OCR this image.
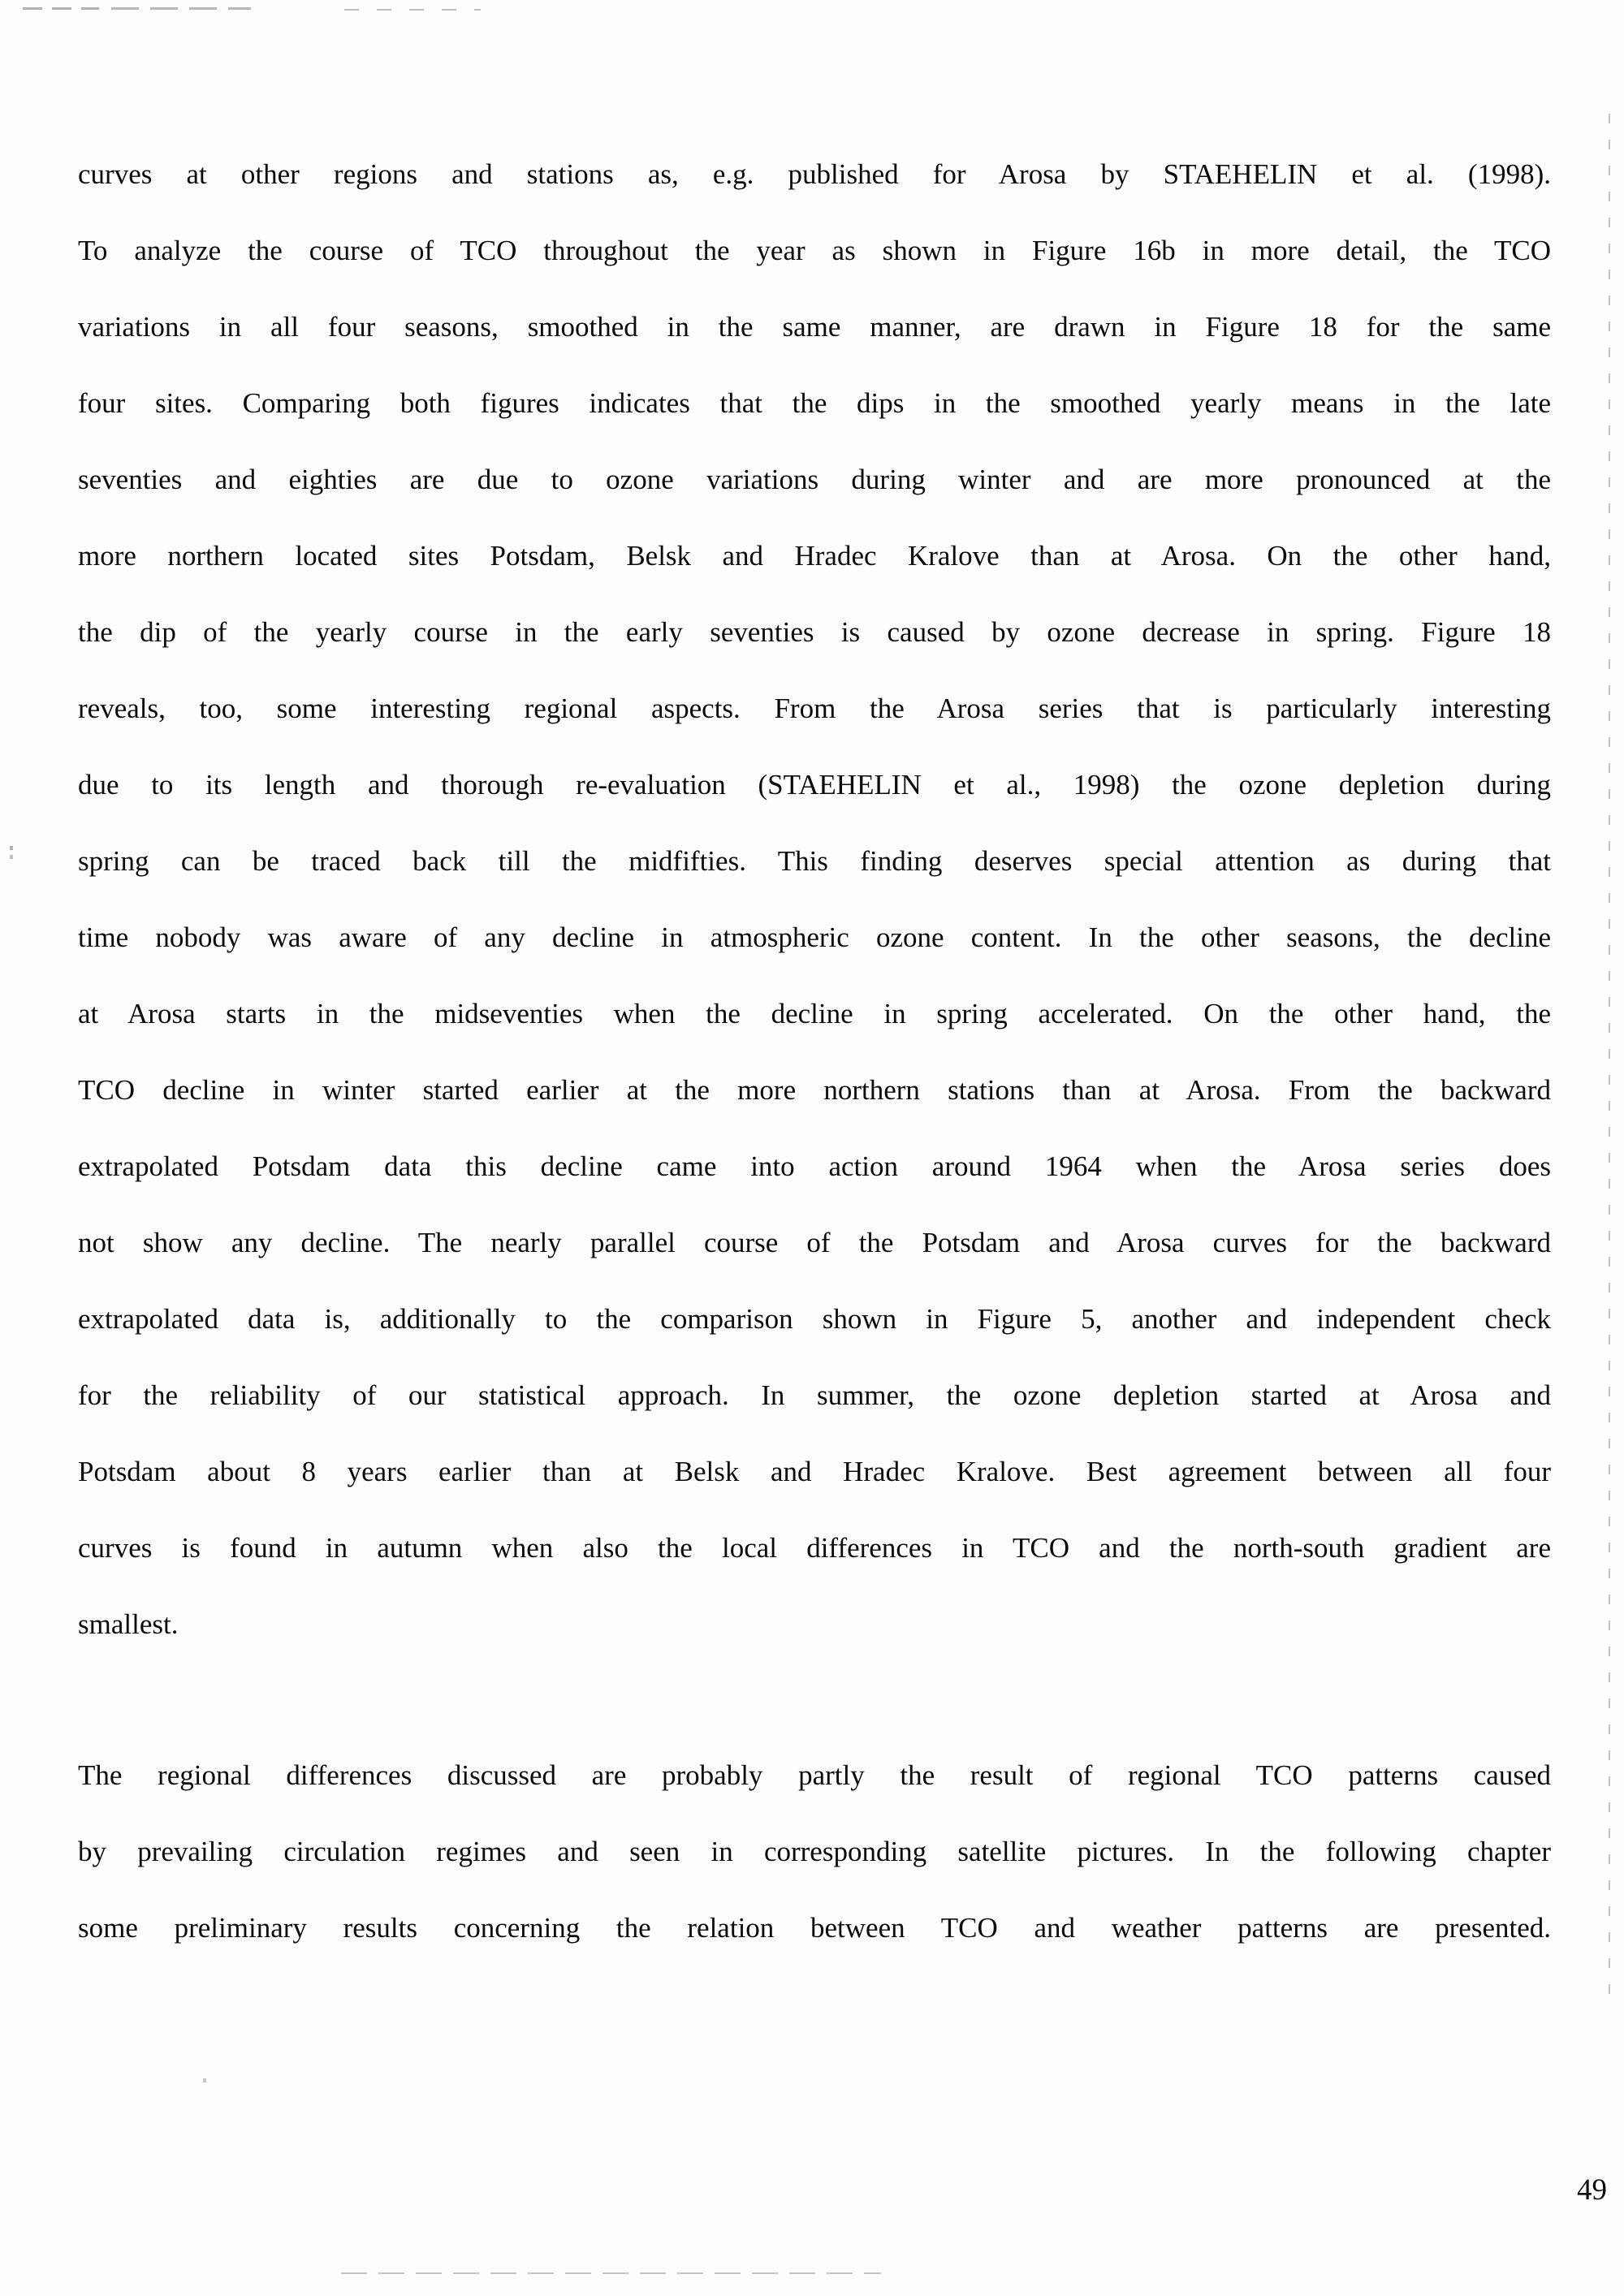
curves at other regions and stations as, e.g. published for Arosa by STAEHELIN et al. (1998).
To analyze the course of TCO throughout the year as shown in Figure 16b in more detail, the TCO
variations in all four seasons, smoothed in the same manner, are drawn in Figure 18 for the same
four sites. Comparing both figures indicates that the dips in the smoothed yearly means in the late
seventies and eighties are due to ozone variations during winter and are more pronounced at the
more northern located sites Potsdam, Belsk and Hradec Kralove than at Arosa. On the other hand,
the dip of the yearly course in the early seventies is caused by ozone decrease in spring. Figure 18
reveals, too, some interesting regional aspects. From the Arosa series that is particularly interesting
due to its length and thorough re-evaluation (STAEHELIN et al., 1998) the ozone depletion during
spring can be traced back till the midfifties. This finding deserves special attention as during that
time nobody was aware of any decline in atmospheric ozone content. In the other seasons, the decline
at Arosa starts in the midseventies when the decline in spring accelerated. On the other hand, the
TCO decline in winter started earlier at the more northern stations than at Arosa. From the backward
extrapolated Potsdam data this decline came into action around 1964 when the Arosa series does
not show any decline. The nearly parallel course of the Potsdam and Arosa curves for the backward
extrapolated data is, additionally to the comparison shown in Figure 5, another and independent check
for the reliability of our statistical approach. In summer, the ozone depletion started at Arosa and
Potsdam about 8 years earlier than at Belsk and Hradec Kralove. Best agreement between all four
curves is found in autumn when also the local differences in TCO and the north-south gradient are
smallest.
The regional differences discussed are probably partly the result of regional TCO patterns caused
by prevailing circulation regimes and seen in corresponding satellite pictures. In the following chapter
some preliminary results concerning the relation between TCO and weather patterns are presented.
49
